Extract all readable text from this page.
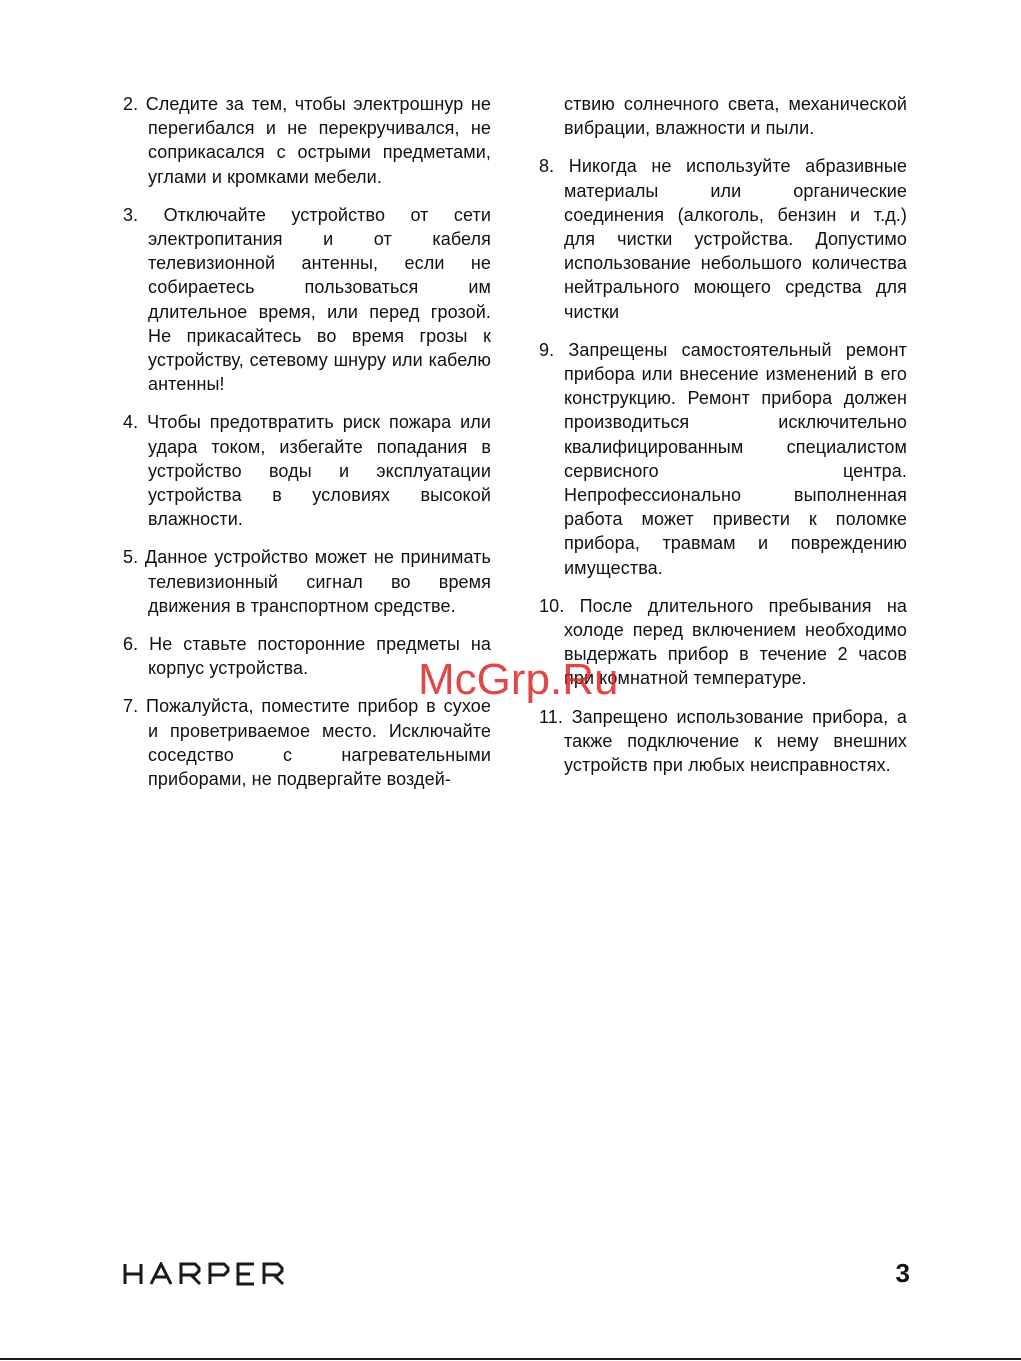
2. Следите за тем, чтобы электрошнур не перегибался и не перекручивался, не соприкасался с острыми предметами, углами и кромками мебели.

3. Отключайте устройство от сети электропитания и от кабеля телевизионной антенны, если не собираетесь пользоваться им длительное время, или перед грозой. Не прикасайтесь во время грозы к устройству, сетевому шнуру или кабелю антенны!

4. Чтобы предотвратить риск пожара или удара током, избегайте попадания в устройство воды и эксплуатации устройства в условиях высокой влажности.

5. Данное устройство может не принимать телевизионный сигнал во время движения в транспортном средстве.

6. Не ставьте посторонние предметы на корпус устройства.

7. Пожалуйста, поместите прибор в сухое и проветриваемое место. Исключайте соседство с нагревательными приборами, не подвергайте воздей-

ствию солнечного света, механической вибрации, влажности и пыли.

8. Никогда не используйте абразивные материалы или органические соединения (алкоголь, бензин и т.д.) для чистки устройства. Допустимо использование небольшого количества нейтрального моющего средства для чистки

9. Запрещены самостоятельный ремонт прибора или внесение изменений в его конструкцию. Ремонт прибора должен производиться исключительно квалифицированным специалистом сервисного центра. Непрофессионально выполненная работа может привести к поломке прибора, травмам и повреждению имущества.

10. После длительного пребывания на холоде перед включением необходимо выдержать прибор в течение 2 часов при комнатной температуре.

11. Запрещено использование прибора, а также подключение к нему внешних устройств при любых неисправностях.

McGrp.Ru
3
